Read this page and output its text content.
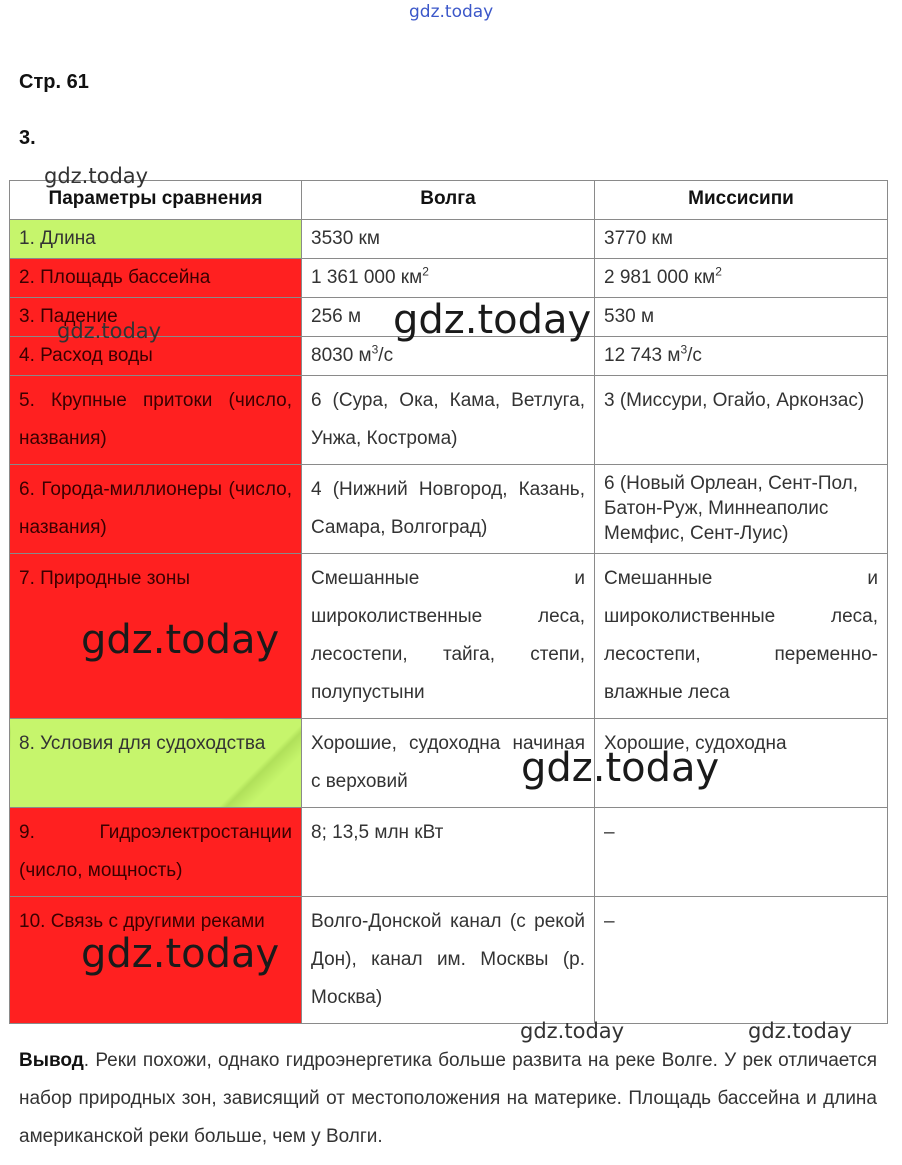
gdz.today
Стр. 61
3.
Параметры сравнения	Волга	Миссисипи
1. Длина	3530 км	3770 км
2. Площадь бассейна	1 361 000 $км^2$	2 981 000 $км^2$
3. Падение	256 м	530 м
4. Расход воды	8030 $м^3/с$	12 743 $м^3/с$
5. Крупные притоки (число, названия)	6 (Сура, Ока, Кама, Ветлуга, Унжа, Кострома)	3 (Миссури, Огайо, Арконзас)
6. Города-миллионеры (число, названия)	4 (Нижний Новгород, Казань, Самара, Волгоград)	6 (Новый Орлеан, Сент-Пол,
Батон-Руж, Миннеаполис
Мемфис, Сент-Луис)

7. Природные зоны	Смешанные и широколиственные леса, лесостепи, тайга, степи, полупустыни	Смешанные и широколиственные леса, лесостепи, переменно-влажные леса
8. Условия для судоходства	Хорошие, судоходна начиная с верховий	Хорошие, судоходна
9. Гидроэлектростанции (число, мощность)	8; 13,5 млн кВт	–
10. Связь с другими реками	Волго-Донской канал (с рекой Дон), канал им. Москвы (р. Москва)	–
gdz.today
gdz.today	gdz.today
gdz.today
gdz.today
gdz.today
gdz.today	gdz.today
Вывод. Реки похожи, однако гидроэнергетика больше развита на реке Волге. У рек отличается набор природных зон, зависящий от местоположения на материке. Площадь бассейна и длина американской реки больше, чем у Волги.
